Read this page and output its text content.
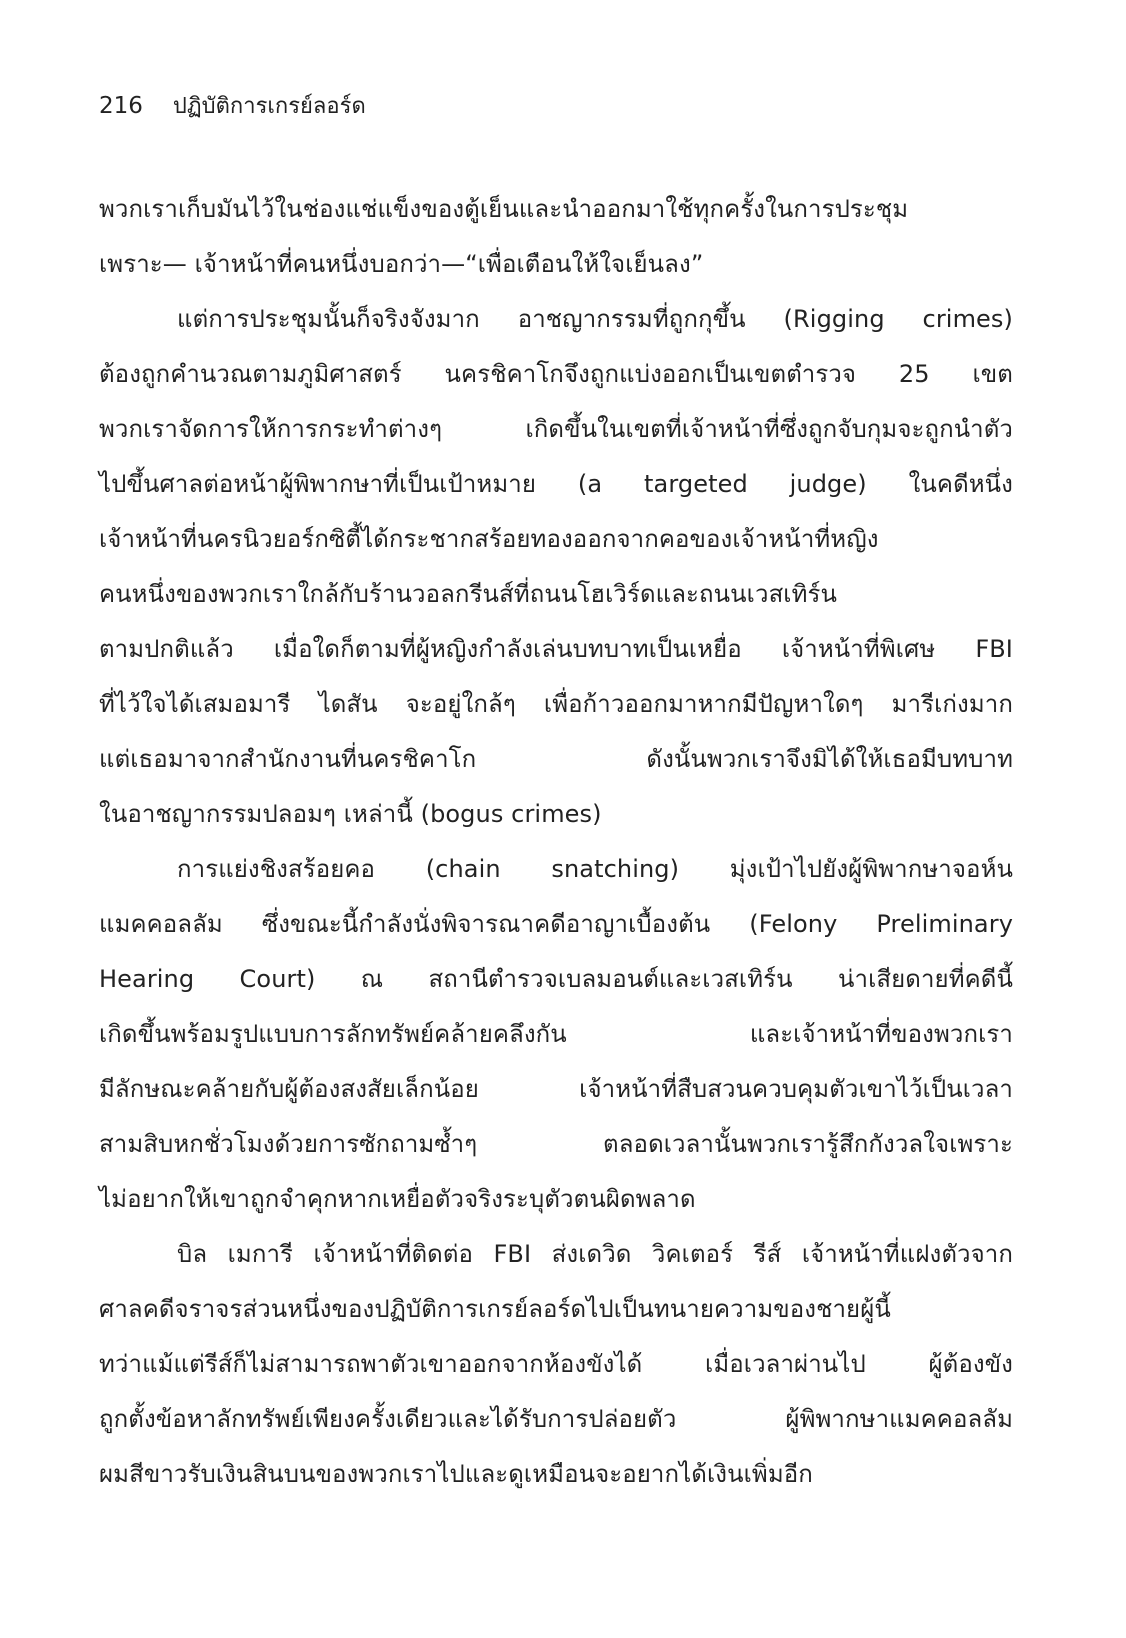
216 ปฏิบัติการเกรย์ลอร์ด
พวกเราเก็บมันไว้ในช่องแช่แข็งของตู้เย็นและนำออกมาใช้ทุกครั้งในการประชุม
เพราะ— เจ้าหน้าที่คนหนึ่งบอกว่า—“เพื่อเตือนให้ใจเย็นลง”
แต่การประชุมนั้นก็จริงจังมาก อาชญากรรมที่ถูกกุขึ้น (Rigging crimes)
ต้องถูกคำนวณตามภูมิศาสตร์ นครชิคาโกจึงถูกแบ่งออกเป็นเขตตำรวจ 25 เขต
พวกเราจัดการให้การกระทำต่างๆ เกิดขึ้นในเขตที่เจ้าหน้าที่ซึ่งถูกจับกุมจะถูกนำตัว
ไปขึ้นศาลต่อหน้าผู้พิพากษาที่เป็นเป้าหมาย (a targeted judge) ในคดีหนึ่ง
เจ้าหน้าที่นครนิวยอร์กซิตี้ได้กระชากสร้อยทองออกจากคอของเจ้าหน้าที่หญิง
คนหนึ่งของพวกเราใกล้กับร้านวอลกรีนส์ที่ถนนโฮเวิร์ดและถนนเวสเทิร์น
ตามปกติแล้ว เมื่อใดก็ตามที่ผู้หญิงกำลังเล่นบทบาทเป็นเหยื่อ เจ้าหน้าที่พิเศษ FBI
ที่ไว้ใจได้เสมอมารี ไดสัน จะอยู่ใกล้ๆ เพื่อก้าวออกมาหากมีปัญหาใดๆ มารีเก่งมาก
แต่เธอมาจากสำนักงานที่นครชิคาโก ดังนั้นพวกเราจึงมิได้ให้เธอมีบทบาท
ในอาชญากรรมปลอมๆ เหล่านี้ (bogus crimes)
การแย่งชิงสร้อยคอ (chain snatching) มุ่งเป้าไปยังผู้พิพากษาจอห์น
แมคคอลลัม ซึ่งขณะนี้กำลังนั่งพิจารณาคดีอาญาเบื้องต้น (Felony Preliminary
Hearing Court) ณ สถานีตำรวจเบลมอนต์และเวสเทิร์น น่าเสียดายที่คดีนี้
เกิดขึ้นพร้อมรูปแบบการลักทรัพย์คล้ายคลึงกัน และเจ้าหน้าที่ของพวกเรา
มีลักษณะคล้ายกับผู้ต้องสงสัยเล็กน้อย เจ้าหน้าที่สืบสวนควบคุมตัวเขาไว้เป็นเวลา
สามสิบหกชั่วโมงด้วยการซักถามซ้ำๆ ตลอดเวลานั้นพวกเรารู้สึกกังวลใจเพราะ
ไม่อยากให้เขาถูกจำคุกหากเหยื่อตัวจริงระบุตัวตนผิดพลาด
บิล เมการี เจ้าหน้าที่ติดต่อ FBI ส่งเดวิด วิคเตอร์ รีส์ เจ้าหน้าที่แฝงตัวจาก
ศาลคดีจราจรส่วนหนึ่งของปฏิบัติการเกรย์ลอร์ดไปเป็นทนายความของชายผู้นี้
ทว่าแม้แต่รีส์ก็ไม่สามารถพาตัวเขาออกจากห้องขังได้ เมื่อเวลาผ่านไป ผู้ต้องขัง
ถูกตั้งข้อหาลักทรัพย์เพียงครั้งเดียวและได้รับการปล่อยตัว ผู้พิพากษาแมคคอลลัม
ผมสีขาวรับเงินสินบนของพวกเราไปและดูเหมือนจะอยากได้เงินเพิ่มอีก
